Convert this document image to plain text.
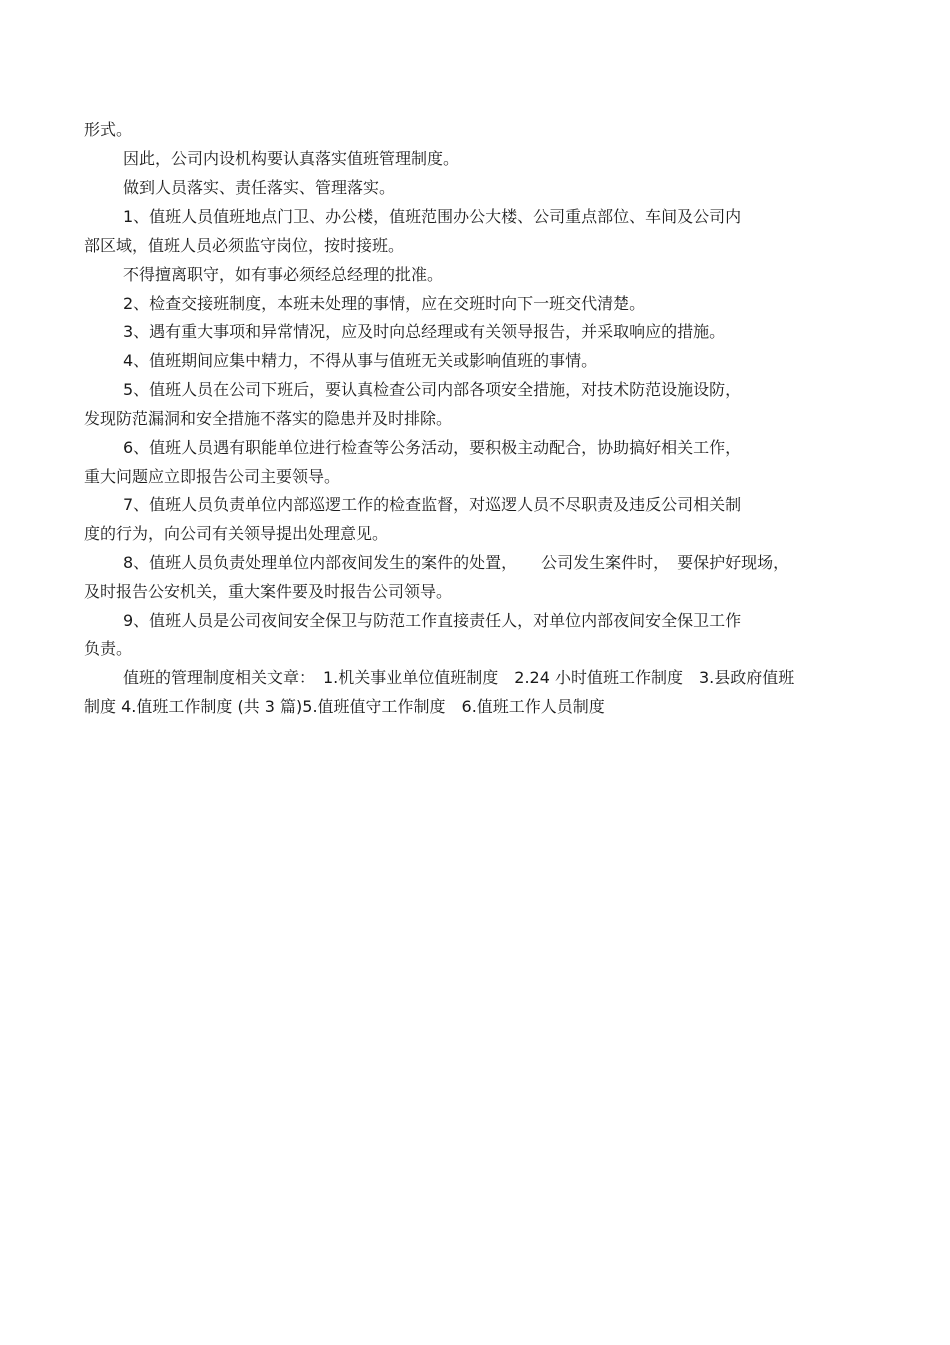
形式。
因此，公司内设机构要认真落实值班管理制度。
做到人员落实、责任落实、管理落实。
1、值班人员值班地点门卫、办公楼，值班范围办公大楼、公司重点部位、车间及公司内
部区域，值班人员必须监守岗位，按时接班。
不得擅离职守，如有事必须经总经理的批准。
2、检查交接班制度，本班未处理的事情，应在交班时向下一班交代清楚。
3、遇有重大事项和异常情况，应及时向总经理或有关领导报告，并采取响应的措施。
4、值班期间应集中精力，不得从事与值班无关或影响值班的事情。
5、值班人员在公司下班后，要认真检查公司内部各项安全措施，对技术防范设施设防，
发现防范漏洞和安全措施不落实的隐患并及时排除。
6、值班人员遇有职能单位进行检查等公务活动，要积极主动配合，协助搞好相关工作，
重大问题应立即报告公司主要领导。
7、值班人员负责单位内部巡逻工作的检查监督，对巡逻人员不尽职责及违反公司相关制
度的行为，向公司有关领导提出处理意见。
8、值班人员负责处理单位内部夜间发生的案件的处置，　　公司发生案件时，　要保护好现场，
及时报告公安机关，重大案件要及时报告公司领导。
9、值班人员是公司夜间安全保卫与防范工作直接责任人，对单位内部夜间安全保卫工作
负责。
值班的管理制度相关文章：　1.机关事业单位值班制度　2.24 小时值班工作制度　3.县政府值班
制度 4.值班工作制度 (共 3 篇)5.值班值守工作制度　6.值班工作人员制度
